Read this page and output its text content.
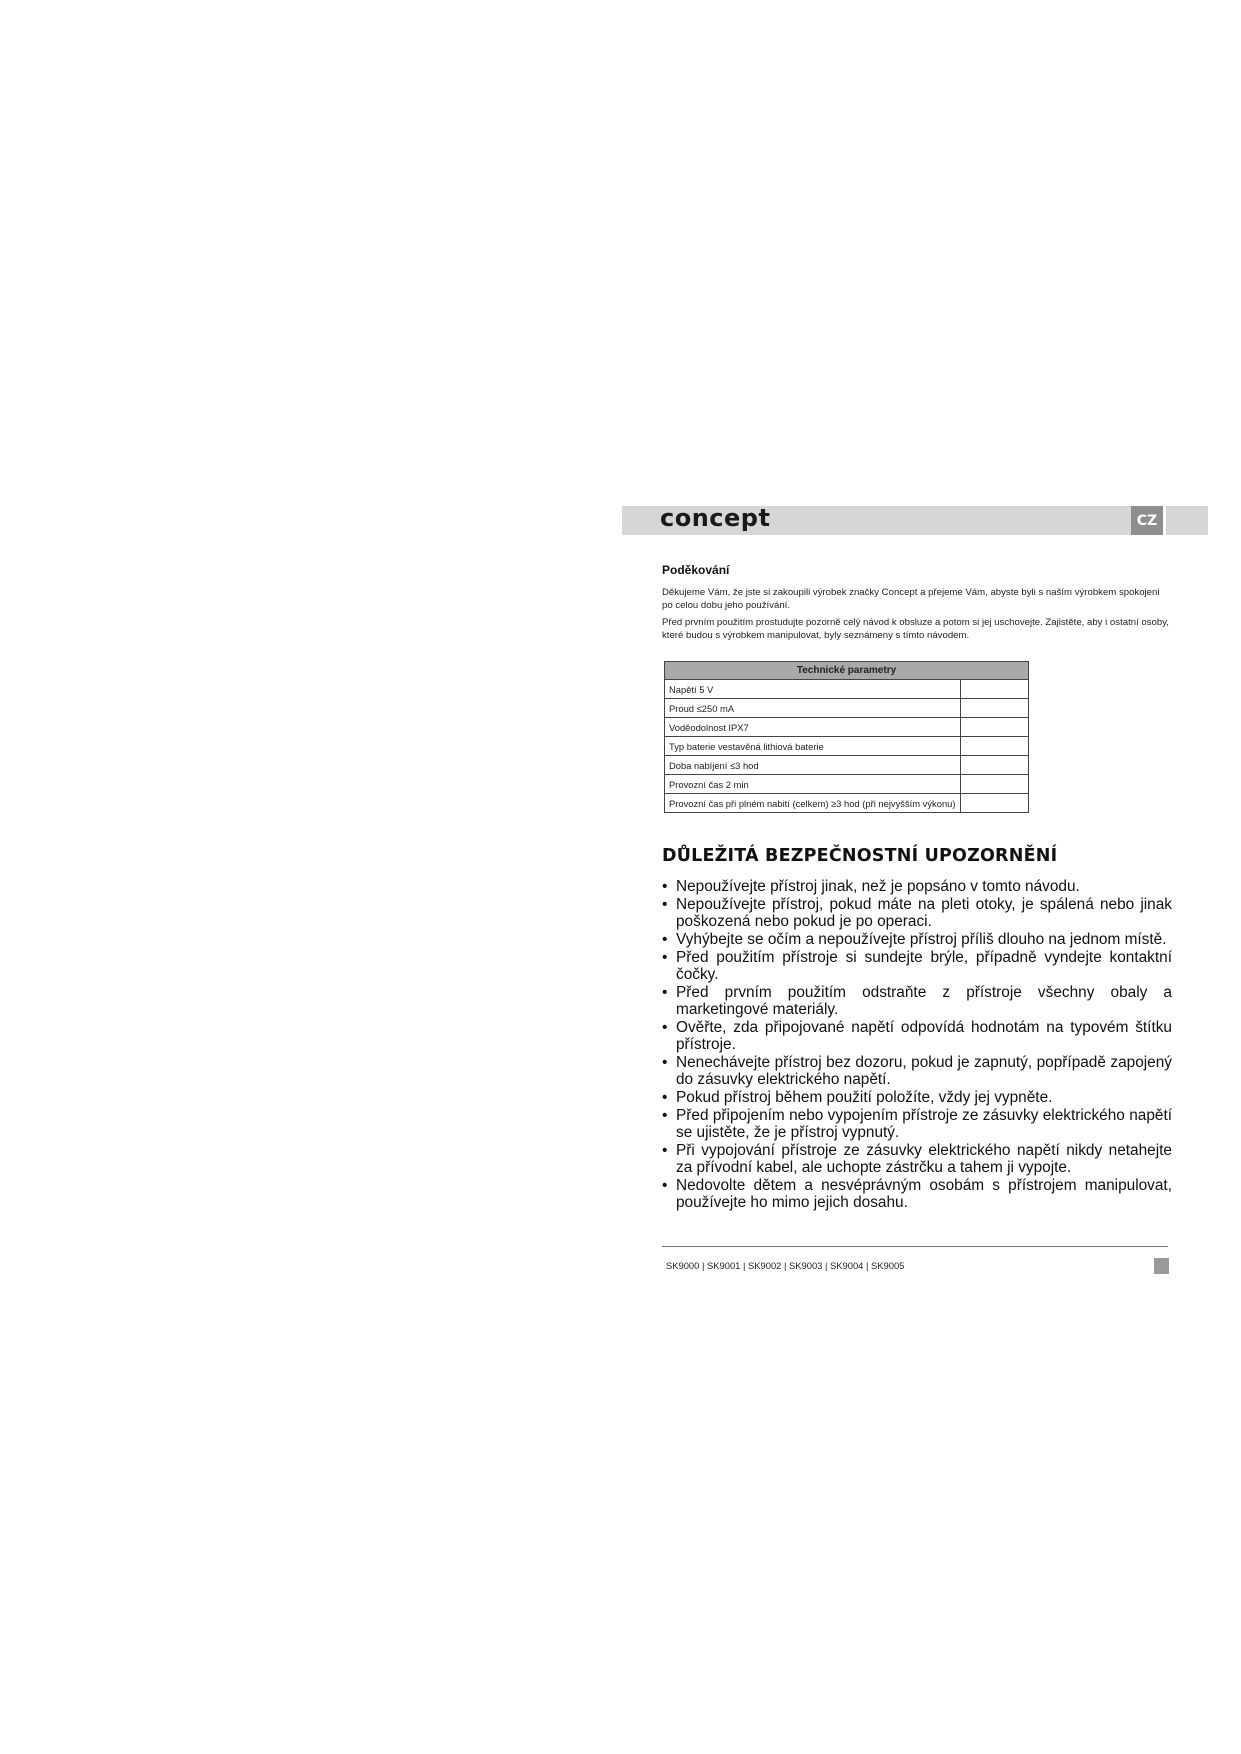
concept	CZ
Poděkování
Děkujeme Vám, že jste si zakoupili výrobek značky Concept a přejeme Vám, abyste byli s naším výrobkem spokojeni po celou dobu jeho používání.
Před prvním použitím prostudujte pozorně celý návod k obsluze a potom si jej uschovejte. Zajistěte, aby i ostatní osoby, které budou s výrobkem manipulovat, byly seznámeny s tímto návodem.
Technické parametry	
Napětí 5 V	
Proud ≤250 mA	
Voděodolnost IPX7	
Typ baterie vestavěná lithiová baterie	
Doba nabíjení ≤3 hod	
Provozní čas 2 min	
Provozní čas při plném nabití (celkem) ≥3 hod (při nejvyšším výkonu)	
DŮLEŽITÁ BEZPEČNOSTNÍ UPOZORNĚNÍ
• Nepoužívejte přístroj jinak, než je popsáno v tomto návodu.
• Nepoužívejte přístroj, pokud máte na pleti otoky, je spálená nebo jinak poškozená nebo pokud je po operaci.
• Vyhýbejte se očím a nepoužívejte přístroj příliš dlouho na jednom místě.
• Před použitím přístroje si sundejte brýle, případně vyndejte kontaktní čočky.
• Před prvním použitím odstraňte z přístroje všechny obaly a marketingové materiály.
• Ověřte, zda připojované napětí odpovídá hodnotám na typovém štítku přístroje.
• Nenechávejte přístroj bez dozoru, pokud je zapnutý, popřípadě zapojený do zásuvky elektrického napětí.
• Pokud přístroj během použití položíte, vždy jej vypněte.
• Před připojením nebo vypojením přístroje ze zásuvky elektrického napětí se ujistěte, že je přístroj vypnutý.
• Při vypojování přístroje ze zásuvky elektrického napětí nikdy netahejte za přívodní kabel, ale uchopte zástrčku a tahem ji vypojte.
• Nedovolte dětem a nesvéprávným osobám s přístrojem manipulovat, používejte ho mimo jejich dosahu.
SK9000 | SK9001 | SK9002 | SK9003 | SK9004 | SK9005
